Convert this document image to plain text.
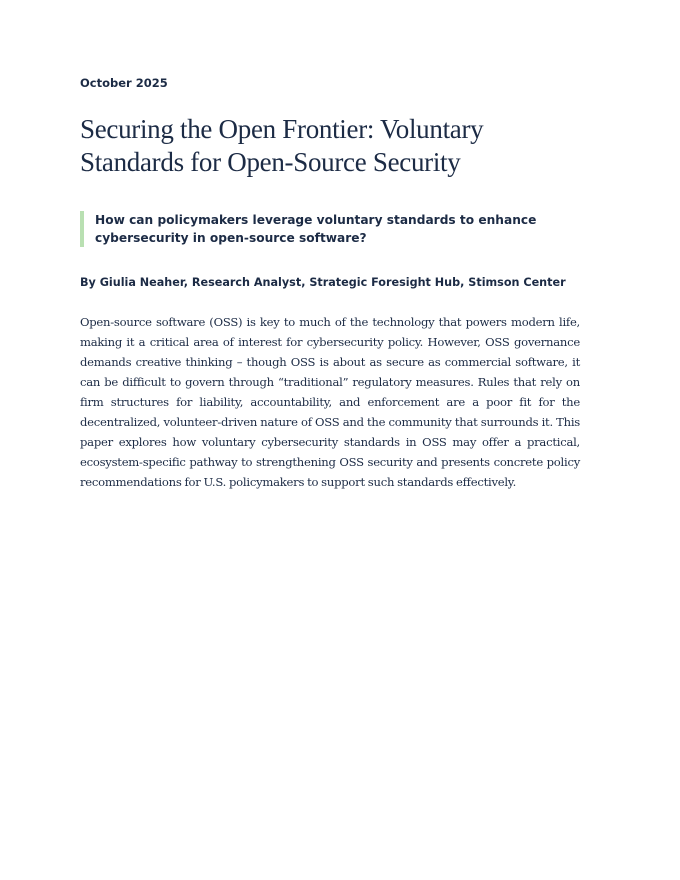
October 2025
Securing the Open Frontier: Voluntary Standards for Open-Source Security
How can policymakers leverage voluntary standards to enhance cybersecurity in open-source software?
By Giulia Neaher, Research Analyst, Strategic Foresight Hub, Stimson Center

Open-source software (OSS) is key to much of the technology that powers modern life, making it a critical area of interest for cybersecurity policy. However, OSS governance demands creative thinking – though OSS is about as secure as commercial software, it can be difficult to govern through “traditional” regulatory measures. Rules that rely on firm structures for liability, accountability, and enforcement are a poor fit for the decentralized, volunteer-driven nature of OSS and the community that surrounds it. This paper explores how voluntary cybersecurity standards in OSS may offer a practical, ecosystem-specific pathway to strengthening OSS security and presents concrete policy recommendations for U.S. policymakers to support such standards effectively.
